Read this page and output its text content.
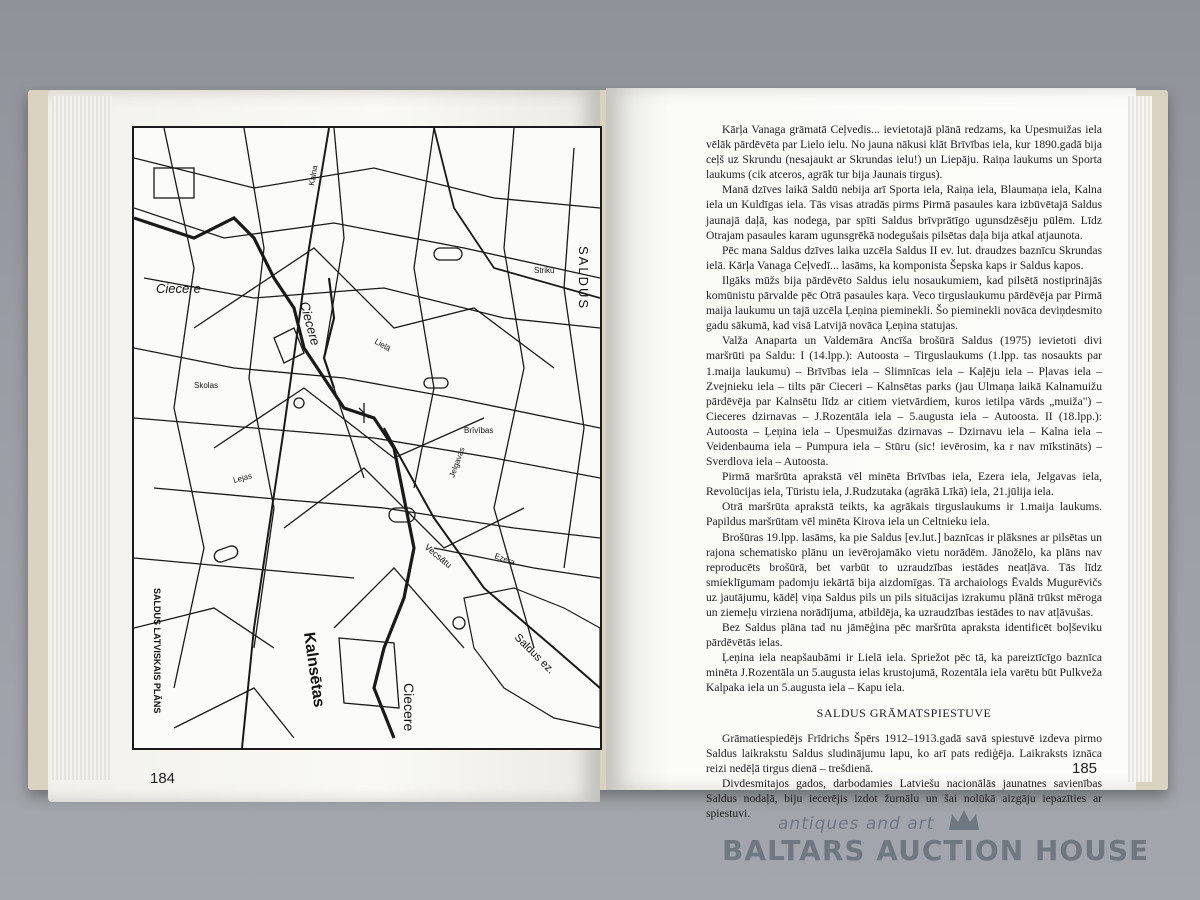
Ciecere
Ciecere
SALDUS
Kalnsētas	Ciecere
Saldus ez.
SALDUS LATVISKAIS PLĀNS
Vecsātu
Brīvības
Lielā
Kalna
Striku
Ezera
Jelgavas
Skolas
Lejas
184
185

Kārļa Vanaga grāmatā Ceļvedis... ievietotajā plānā redzams, ka Upesmuižas iela vēlāk pārdēvēta par Lielo ielu. No jauna nākusi klāt Brīvības iela, kur 1890.gadā bija ceļš uz Skrundu (nesajaukt ar Skrundas ielu!) un Liepāju. Raiņa laukums un Sporta laukums (cik atceros, agrāk tur bija Jaunais tirgus).

Manā dzīves laikā Saldū nebija arī Sporta iela, Raiņa iela, Blaumaņa iela, Kalna iela un Kuldīgas iela. Tās visas atradās pirms Pirmā pasaules kara izbūvētajā Saldus jaunajā daļā, kas nodega, par spīti Saldus brīvprātīgo ugunsdzēsēju pūlēm. Līdz Otrajam pasaules karam ugunsgrēkā nodegušais pilsētas daļa bija atkal atjaunota.

Pēc mana Saldus dzīves laika uzcēla Saldus II ev. lut. draudzes baznīcu Skrundas ielā. Kārļa Vanaga Ceļvedī... lasāms, ka komponista Šepska kaps ir Saldus kapos.

Ilgāks mūžs bija pārdēvēto Saldus ielu nosaukumiem, kad pilsētā nostiprinājās komūnistu pārvalde pēc Otrā pasaules kaŗa. Veco tirguslaukumu pārdēvēja par Pirmā maija laukumu un tajā uzcēla Ļeņina pieminekli. Šo pieminekli novāca deviņdesmito gadu sākumā, kad visā Latvijā novāca Ļeņina statujas.

Valža Anaparta un Valdemāra Ancīša brošūrā Saldus (1975) ievietoti divi maršrūti pa Saldu: I (14.lpp.): Autoosta – Tirguslaukums (1.lpp. tas nosaukts par 1.maija laukumu) – Brīvības iela – Slimnīcas iela – Kaļēju iela – Pļavas iela – Zvejnieku iela – tilts pār Cieceri – Kalnsētas parks (jau Ulmaņa laikā Kalnamuižu pārdēvēja par Kalnsētu līdz ar citiem vietvārdiem, kuros ietilpa vārds „muiža") – Cieceres dzirnavas – J.Rozentāla iela – 5.augusta iela – Autoosta. II (18.lpp.): Autoosta – Ļeņina iela – Upesmuižas dzirnavas – Dzirnavu iela – Kalna iela – Veidenbauma iela – Pumpura iela – Stūru (sic! ievērosim, ka r nav mīkstināts) – Sverdlova iela – Autoosta.

Pirmā maršrūta aprakstā vēl minēta Brīvības iela, Ezera iela, Jelgavas iela, Revolūcijas iela, Tūristu iela, J.Rudzutaka (agrākā Līkā) iela, 21.jūlija iela.

Otrā maršrūta aprakstā teikts, ka agrākais tirguslaukums ir 1.maija laukums. Papildus maršrūtam vēl minēta Kirova iela un Celtnieku iela.

Brošūras 19.lpp. lasāms, ka pie Saldus [ev.lut.] baznīcas ir plāksnes ar pilsētas un rajona schematisko plānu un ievērojamāko vietu norādēm. Jānožēlo, ka plāns nav reproducēts brošūrā, bet varbūt to uzraudzības iestādes neatļāva. Tās līdz smieklīgumam padomju iekārtā bija aizdomīgas. Tā archaiologs Ēvalds Mugurēvičs uz jautājumu, kādēļ viņa Saldus pils un pils situācijas izrakumu plānā trūkst mērogа un ziemeļu virziena norādījuma, atbildēja, ka uzraudzības iestādes to nav atļāvušas.

Bez Saldus plāna tad nu jāmēģina pēc maršrūta apraksta identificēt boļševiku pārdēvētās ielas.

Ļeņina iela neapšaubāmi ir Lielā iela. Spriežot pēc tā, ka pareiztīcīgo baznīca minēta J.Rozentāla un 5.augusta ielas krustojumā, Rozentāla iela varētu būt Pulkveža Kalpaka iela un 5.augusta iela – Kapu iela.

SALDUS GRĀMATSPIESTUVE

Grāmatiespiedējs Frīdrichs Špērs 1912–1913.gadā savā spiestuvē izdeva pirmo Saldus laikrakstu Saldus sludinājumu lapu, ko arī pats rediģēja. Laikraksts iznāca reizi nedēļā tirgus dienā – trešdienā.

Divdesmitajos gados, darbodamies Latviešu nacionālās jaunatnes savienības Saldus nodaļā, biju iecerējis izdot žurnālu un šai nolūkā aizgāju iepazīties ar spiestuvi.

antiques and art
BALTARS AUCTION HOUSE
